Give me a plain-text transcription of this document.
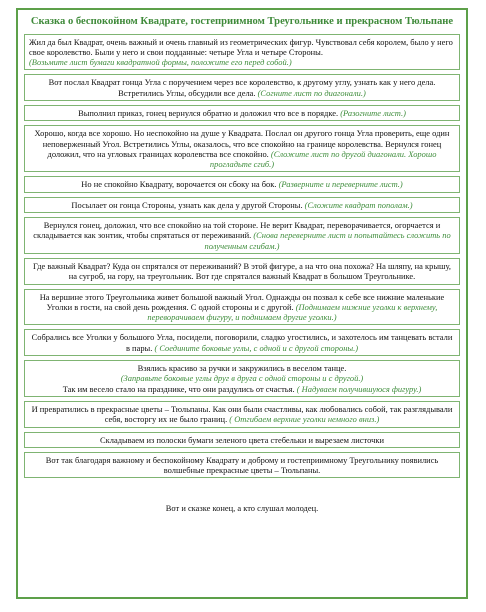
Сказка о беспокойном Квадрате, гостеприимном Треугольнике и прекрасном Тюльпане
Жил да был Квадрат, очень важный и очень главный из геометрических фигур. Чувствовал себя королем, было у него свое королевство. Были у него и свои подданные: четыре Угла и четыре Стороны.
(Возьмите лист бумаги квадратной формы, положите его перед собой.)
Вот послал Квадрат гонца Угла с поручением через все королевство, к другому углу, узнать как у него дела. Встретились Углы, обсудили все дела. (Согните лист по диагонали.)
Выполнил приказ, гонец вернулся обратно и доложил что все в порядке. (Разогните лист.)
Хорошо, когда все хорошо. Но неспокойно на душе у Квадрата. Послал он другого гонца Угла проверить, еще один неповерженный Угол. Встретились Углы, оказалось, что все спокойно на границе королевства. Вернулся гонец доложил, что на угловых границах королевства все спокойно. (Сложите лист по другой диагонали. Хорошо прогладьте сгиб.)
Но не спокойно Квадрату, ворочается он сбоку на бок. (Разверните и переверните лист.)
Посылает он гонца Стороны, узнать как дела у другой Стороны. (Сложите квадрат пополам.)
Вернулся гонец, доложил, что все спокойно на той стороне. Не верит Квадрат, переворачивается, огорчается и складывается как зонтик, чтобы спрятаться от переживаний. (Снова переверните лист и попытайтесь сложить по полученным сгибам.)
Где важный Квадрат? Куда он спрятался от переживаний? В этой фигуре, а на что она похожа? На шляпу, на крышу, на сугроб, на гору, на треугольник. Вот где спрятался важный Квадрат в большом Треугольнике.
На вершине этого Треугольника живет большой важный Угол. Однажды он позвал к себе все нижние маленькие Уголки в гости, на свой день рождения. С одной стороны и с другой. (Поднимаем нижние уголки к верхнему, переворачиваем фигуру, и поднимаем другие уголки.)
Собрались все Уголки у большого Угла, посидели, поговорили, сладко угостились, и захотелось им танцевать встали в пары. ( Соедините боковые углы, с одной и с другой стороны.)
Взялись красиво за ручки и закружились в веселом танце.
(Заправьте боковые углы друг в друга с одной стороны и с другой.)
Так им весело стало на празднике, что они раздулись от счастья. ( Надуваем получившуюся фигуру.)
И превратились в прекрасные цветы – Тюльпаны. Как они были счастливы, как любовались собой, так разглядывали себя, восторгу их не было границ. ( Отгибаем верхние уголки немного вниз.)
Складываем из полоски бумаги зеленого цвета стебельки и вырезаем листочки
Вот так благодаря важному и беспокойному Квадрату и доброму и гостеприимному Треугольнику появились волшебные прекрасные цветы – Тюльпаны.
Вот и сказке конец, а кто слушал молодец.
